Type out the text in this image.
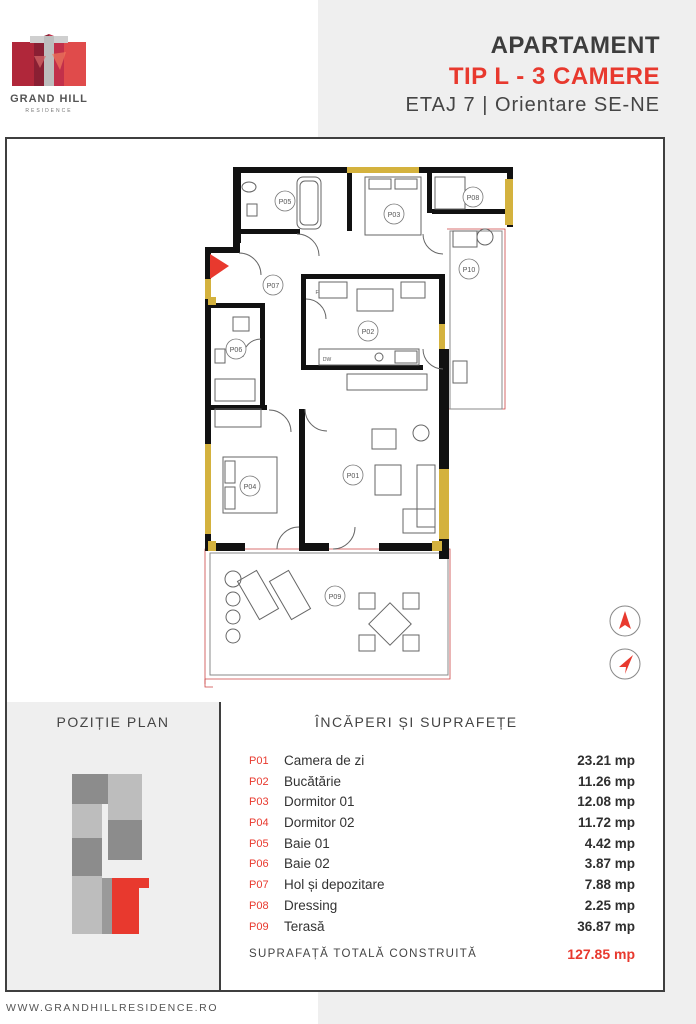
GRAND HILL
RESIDENCE
APARTAMENT
TIP L - 3 CAMERE
ETAJ 7 | Orientare SE-NE
P01
P02
P03
P04
P05
P06
P07
P08
P09
P10
DW
F
POZIȚIE PLAN	ÎNCĂPERI ȘI SUPRAFEȚE
P01 Camera de zi	23.21 mp
P02 Bucătărie	11.26 mp
P03 Dormitor 01	12.08 mp
P04 Dormitor 02	11.72 mp
P05 Baie 01	4.42 mp
P06 Baie 02	3.87 mp
P07 Hol și depozitare	7.88 mp
P08 Dressing	2.25 mp
P09 Terasă	36.87 mp
SUPRAFAȚĂ TOTALĂ CONSTRUITĂ	127.85 mp
WWW.GRANDHILLRESIDENCE.RO
